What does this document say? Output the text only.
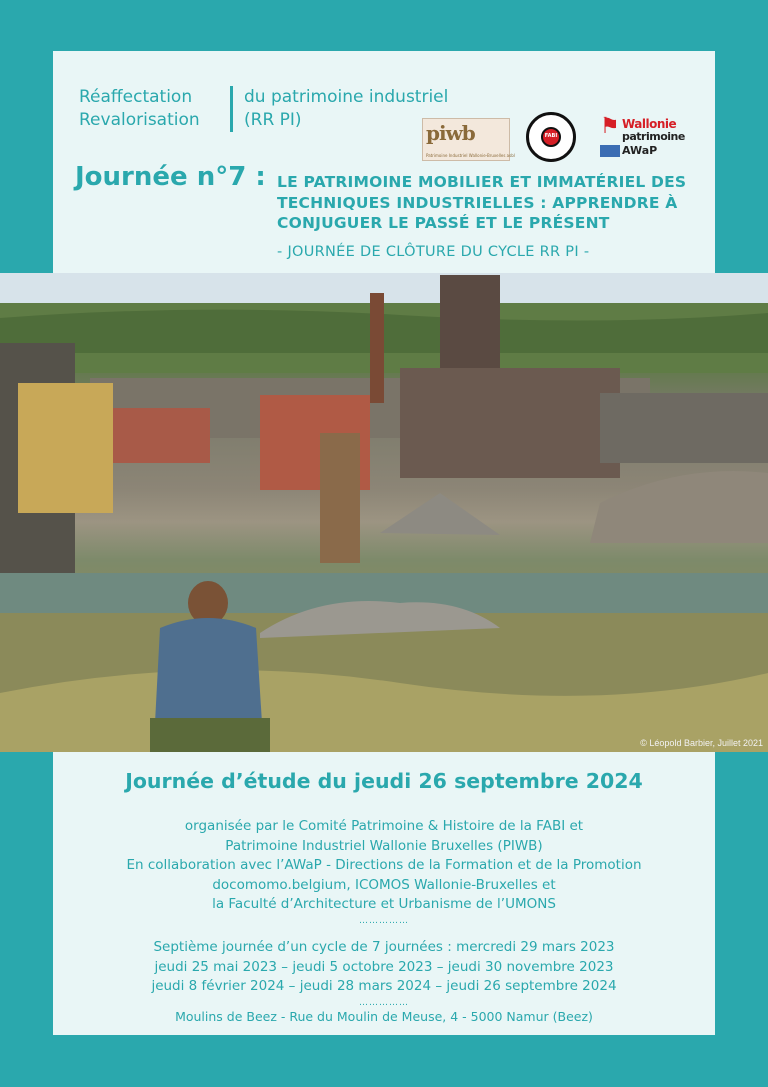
Réaffectation
Revalorisation
du patrimoine industriel
(RR PI)
piwb
Patrimoine Industriel Wallonie-Bruxelles asbl
FABI ⚑ Wallonie
patrimoine
AWaP
Journée n°7 : LE PATRIMOINE MOBILIER ET IMMATÉRIEL DES
TECHNIQUES INDUSTRIELLES : APPRENDRE À
CONJUGUER LE PASSÉ ET LE PRÉSENT
- JOURNÉE DE CLÔTURE DU CYCLE RR PI -
© Léopold Barbier, Juillet 2021
Journée d’étude du jeudi 26 septembre 2024
organisée par le Comité Patrimoine & Histoire de la FABI et
Patrimoine Industriel Wallonie Bruxelles (PIWB)
En collaboration avec l’AWaP - Directions de la Formation et de la Promotion
docomomo.belgium, ICOMOS Wallonie-Bruxelles et
la Faculté d’Architecture et Urbanisme de l’UMONS
……………
Septième journée d’un cycle de 7 journées : mercredi 29 mars 2023
jeudi 25 mai 2023 – jeudi 5 octobre 2023 – jeudi 30 novembre 2023
jeudi 8 février 2024 – jeudi 28 mars 2024 – jeudi 26 septembre 2024
……………
Moulins de Beez - Rue du Moulin de Meuse, 4 - 5000 Namur (Beez)
